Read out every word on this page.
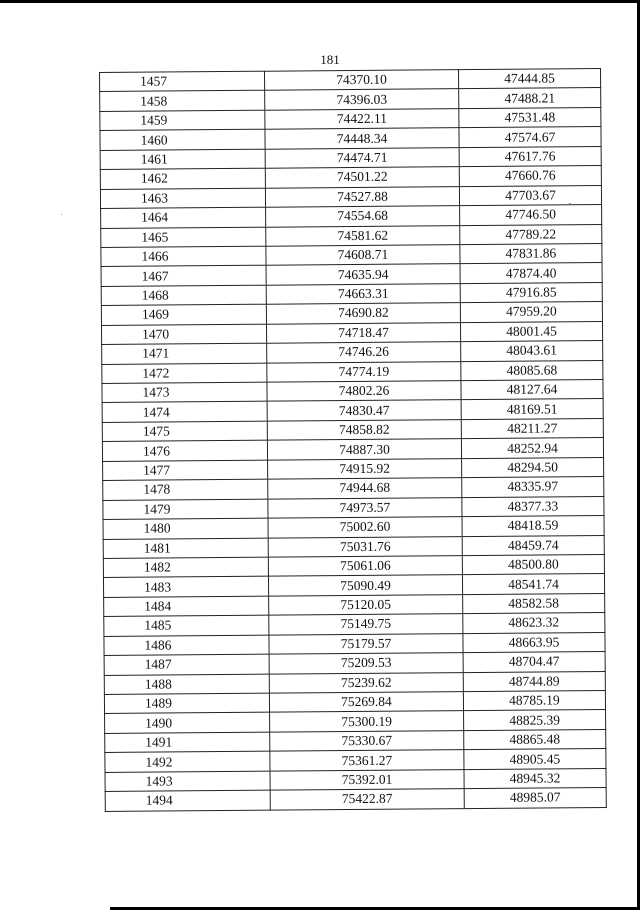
181
1457	74370.10	47444.85
1458	74396.03	47488.21
1459	74422.11	47531.48
1460	74448.34	47574.67
1461	74474.71	47617.76
1462	74501.22	47660.76
1463	74527.88	47703.67
1464	74554.68	47746.50
1465	74581.62	47789.22
1466	74608.71	47831.86
1467	74635.94	47874.40
1468	74663.31	47916.85
1469	74690.82	47959.20
1470	74718.47	48001.45
1471	74746.26	48043.61
1472	74774.19	48085.68
1473	74802.26	48127.64
1474	74830.47	48169.51
1475	74858.82	48211.27
1476	74887.30	48252.94
1477	74915.92	48294.50
1478	74944.68	48335.97
1479	74973.57	48377.33
1480	75002.60	48418.59
1481	75031.76	48459.74
1482	75061.06	48500.80
1483	75090.49	48541.74
1484	75120.05	48582.58
1485	75149.75	48623.32
1486	75179.57	48663.95
1487	75209.53	48704.47
1488	75239.62	48744.89
1489	75269.84	48785.19
1490	75300.19	48825.39
1491	75330.67	48865.48
1492	75361.27	48905.45
1493	75392.01	48945.32
1494	75422.87	48985.07
